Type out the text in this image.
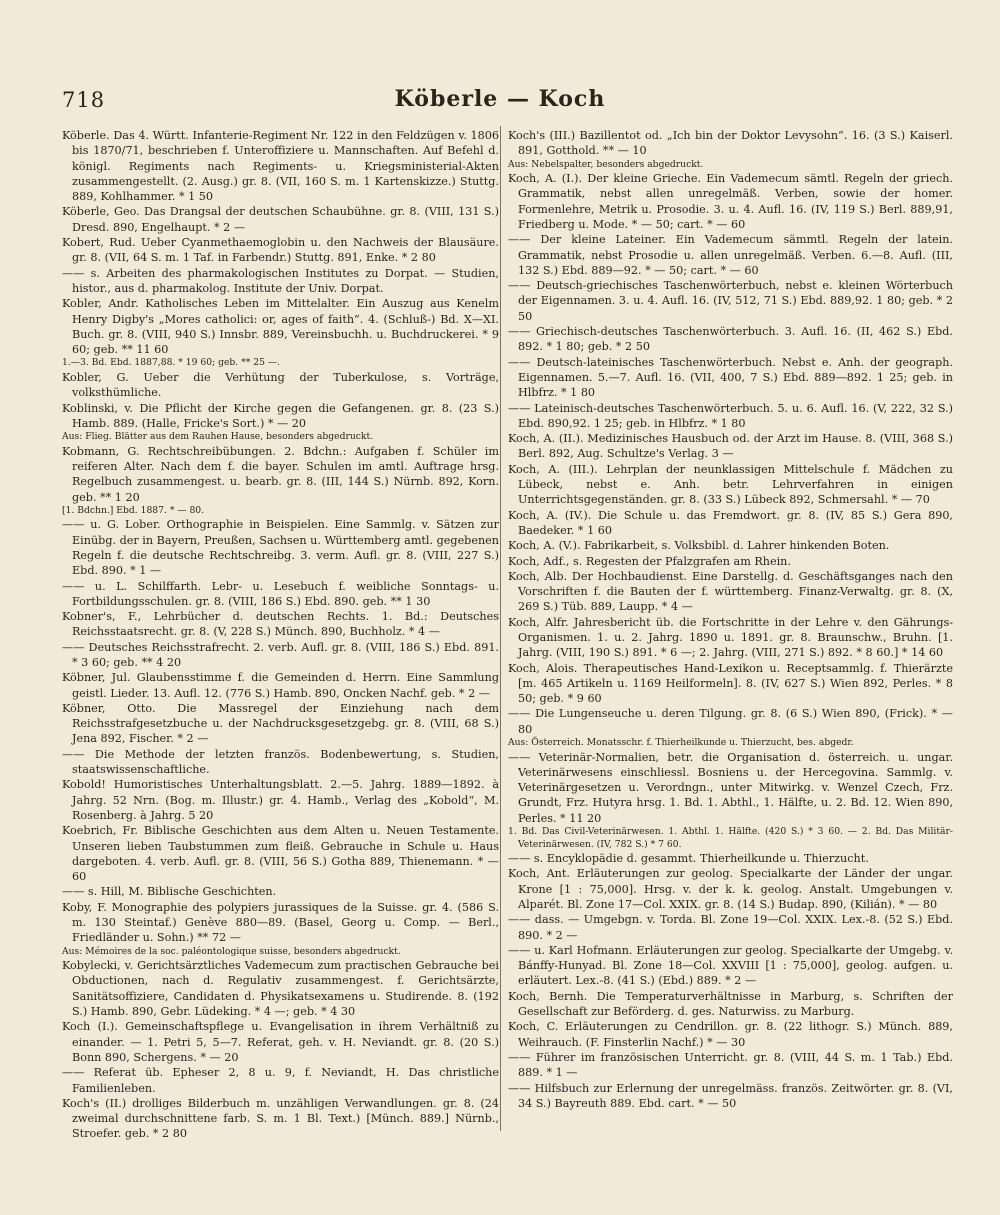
718	Köberle — Koch

Köberle. Das 4. Württ. Infanterie-Regiment Nr. 122 in den Feldzügen v. 1806 bis 1870/71, beschrieben f. Unteroffiziere u. Mannschaften. Auf Befehl d. königl. Regiments nach Regiments- u. Kriegsministerial-Akten zusammengestellt. (2. Ausg.) gr. 8. (VII, 160 S. m. 1 Kartenskizze.) Stuttg. 889, Kohlhammer. * 1 50

Köberle, Geo. Das Drangsal der deutschen Schaubühne. gr. 8. (VIII, 131 S.) Dresd. 890, Engelhaupt. * 2 —

Kobert, Rud. Ueber Cyanmethaemoglobin u. den Nachweis der Blausäure. gr. 8. (VII, 64 S. m. 1 Taf. in Farbendr.) Stuttg. 891, Enke. * 2 80

—— s. Arbeiten des pharmakologischen Institutes zu Dorpat. — Studien, histor., aus d. pharmakolog. Institute der Univ. Dorpat.

Kobler, Andr. Katholisches Leben im Mittelalter. Ein Auszug aus Kenelm Henry Digby's „Mores catholici: or, ages of faith“. 4. (Schluß-) Bd. X—XI. Buch. gr. 8. (VIII, 940 S.) Innsbr. 889, Vereinsbuchh. u. Buchdruckerei. * 9 60; geb. ** 11 60

1.—3. Bd. Ebd. 1887,88. * 19 60; geb. ** 25 —.

Kobler, G. Ueber die Verhütung der Tuberkulose, s. Vorträge, volksthümliche.

Koblinski, v. Die Pflicht der Kirche gegen die Gefangenen. gr. 8. (23 S.) Hamb. 889. (Halle, Fricke's Sort.) * — 20

Aus: Flieg. Blätter aus dem Rauhen Hause, besonders abgedruckt.

Kobmann, G. Rechtschreibübungen. 2. Bdchn.: Aufgaben f. Schüler im reiferen Alter. Nach dem f. die bayer. Schulen im amtl. Auftrage hrsg. Regelbuch zusammengest. u. bearb. gr. 8. (III, 144 S.) Nürnb. 892, Korn. geb. ** 1 20

[1. Bdchn.] Ebd. 1887. * — 80.

—— u. G. Lober. Orthographie in Beispielen. Eine Sammlg. v. Sätzen zur Einübg. der in Bayern, Preußen, Sachsen u. Württemberg amtl. gegebenen Regeln f. die deutsche Rechtschreibg. 3. verm. Aufl. gr. 8. (VIII, 227 S.) Ebd. 890. * 1 —

—— u. L. Schilffarth. Lebr- u. Lesebuch f. weibliche Sonntags- u. Fortbildungsschulen. gr. 8. (VIII, 186 S.) Ebd. 890. geb. ** 1 30

Kobner's, F., Lehrbücher d. deutschen Rechts. 1. Bd.: Deutsches Reichsstaatsrecht. gr. 8. (V, 228 S.) Münch. 890, Buchholz. * 4 —

—— Deutsches Reichsstrafrecht. 2. verb. Aufl. gr. 8. (VIII, 186 S.) Ebd. 891. * 3 60; geb. ** 4 20

Köbner, Jul. Glaubensstimme f. die Gemeinden d. Herrn. Eine Sammlung geistl. Lieder. 13. Aufl. 12. (776 S.) Hamb. 890, Oncken Nachf. geb. * 2 —

Köbner, Otto. Die Massregel der Einziehung nach dem Reichsstrafgesetzbuche u. der Nachdrucksgesetzgebg. gr. 8. (VIII, 68 S.) Jena 892, Fischer. * 2 —

—— Die Methode der letzten französ. Bodenbewertung, s. Studien, staatswissenschaftliche.

Kobold! Humoristisches Unterhaltungsblatt. 2.—5. Jahrg. 1889—1892. à Jahrg. 52 Nrn. (Bog. m. Illustr.) gr. 4. Hamb., Verlag des „Kobold“, M. Rosenberg. à Jahrg. 5 20

Koebrich, Fr. Biblische Geschichten aus dem Alten u. Neuen Testamente. Unseren lieben Taubstummen zum fleiß. Gebrauche in Schule u. Haus dargeboten. 4. verb. Aufl. gr. 8. (VIII, 56 S.) Gotha 889, Thienemann. * — 60

—— s. Hill, M. Biblische Geschichten.

Koby, F. Monographie des polypiers jurassiques de la Suisse. gr. 4. (586 S. m. 130 Steintaf.) Genève 880—89. (Basel, Georg u. Comp. — Berl., Friedländer u. Sohn.) ** 72 —

Aus: Mémoires de la soc. paléontologique suisse, besonders abgedruckt.

Kobylecki, v. Gerichtsärztliches Vademecum zum practischen Gebrauche bei Obductionen, nach d. Regulativ zusammengest. f. Gerichtsärzte, Sanitätsoffiziere, Candidaten d. Physikatsexamens u. Studirende. 8. (192 S.) Hamb. 890, Gebr. Lüdeking. * 4 —; geb. * 4 30

Koch (I.). Gemeinschaftspflege u. Evangelisation in ihrem Verhältniß zu einander. — 1. Petri 5, 5—7. Referat, geh. v. H. Neviandt. gr. 8. (20 S.) Bonn 890, Schergens. * — 20

—— Referat üb. Epheser 2, 8 u. 9, f. Neviandt, H. Das christliche Familienleben.

Koch's (II.) drolliges Bilderbuch m. unzähligen Verwandlungen. gr. 8. (24 zweimal durchschnittene farb. S. m. 1 Bl. Text.) [Münch. 889.] Nürnb., Stroefer. geb. * 2 80

Koch's (III.) Bazillentot od. „Ich bin der Doktor Levysohn“. 16. (3 S.) Kaiserl. 891, Gotthold. ** — 10

Aus: Nebelspalter, besonders abgedruckt.

Koch, A. (I.). Der kleine Grieche. Ein Vademecum sämtl. Regeln der griech. Grammatik, nebst allen unregelmäß. Verben, sowie der homer. Formenlehre, Metrik u. Prosodie. 3. u. 4. Aufl. 16. (IV, 119 S.) Berl. 889,91, Friedberg u. Mode. * — 50; cart. * — 60

—— Der kleine Lateiner. Ein Vademecum sämmtl. Regeln der latein. Grammatik, nebst Prosodie u. allen unregelmäß. Verben. 6.—8. Aufl. (III, 132 S.) Ebd. 889—92. * — 50; cart. * — 60

—— Deutsch-griechisches Taschenwörterbuch, nebst e. kleinen Wörterbuch der Eigennamen. 3. u. 4. Aufl. 16. (IV, 512, 71 S.) Ebd. 889,92. 1 80; geb. * 2 50

—— Griechisch-deutsches Taschenwörterbuch. 3. Aufl. 16. (II, 462 S.) Ebd. 892. * 1 80; geb. * 2 50

—— Deutsch-lateinisches Taschenwörterbuch. Nebst e. Anh. der geograph. Eigennamen. 5.—7. Aufl. 16. (VII, 400, 7 S.) Ebd. 889—892. 1 25; geb. in Hlbfrz. * 1 80

—— Lateinisch-deutsches Taschenwörterbuch. 5. u. 6. Aufl. 16. (V, 222, 32 S.) Ebd. 890,92. 1 25; geb. in Hlbfrz. * 1 80

Koch, A. (II.). Medizinisches Hausbuch od. der Arzt im Hause. 8. (VIII, 368 S.) Berl. 892, Aug. Schultze's Verlag. 3 —

Koch, A. (III.). Lehrplan der neunklassigen Mittelschule f. Mädchen zu Lübeck, nebst e. Anh. betr. Lehrverfahren in einigen Unterrichtsgegenständen. gr. 8. (33 S.) Lübeck 892, Schmersahl. * — 70

Koch, A. (IV.). Die Schule u. das Fremdwort. gr. 8. (IV, 85 S.) Gera 890, Baedeker. * 1 60

Koch, A. (V.). Fabrikarbeit, s. Volksbibl. d. Lahrer hinkenden Boten.

Koch, Adf., s. Regesten der Pfalzgrafen am Rhein.

Koch, Alb. Der Hochbaudienst. Eine Darstellg. d. Geschäftsganges nach den Vorschriften f. die Bauten der f. württemberg. Finanz-Verwaltg. gr. 8. (X, 269 S.) Tüb. 889, Laupp. * 4 —

Koch, Alfr. Jahresbericht üb. die Fortschritte in der Lehre v. den Gährungs-Organismen. 1. u. 2. Jahrg. 1890 u. 1891. gr. 8. Braunschw., Bruhn. [1. Jahrg. (VIII, 190 S.) 891. * 6 —; 2. Jahrg. (VIII, 271 S.) 892. * 8 60.] * 14 60

Koch, Alois. Therapeutisches Hand-Lexikon u. Receptsammlg. f. Thierärzte [m. 465 Artikeln u. 1169 Heilformeln]. 8. (IV, 627 S.) Wien 892, Perles. * 8 50; geb. * 9 60

—— Die Lungenseuche u. deren Tilgung. gr. 8. (6 S.) Wien 890, (Frick). * — 80

Aus: Österreich. Monatsschr. f. Thierheilkunde u. Thierzucht, bes. abgedr.

—— Veterinär-Normalien, betr. die Organisation d. österreich. u. ungar. Veterinärwesens einschliessl. Bosniens u. der Hercegovina. Sammlg. v. Veterinärgesetzen u. Verordngn., unter Mitwirkg. v. Wenzel Czech, Frz. Grundt, Frz. Hutyra hrsg. 1. Bd. 1. Abthl., 1. Hälfte, u. 2. Bd. 12. Wien 890, Perles. * 11 20

1. Bd. Das Civil-Veterinärwesen. 1. Abthl. 1. Hälfte. (420 S.) * 3 60. — 2. Bd. Das Militär-Veterinärwesen. (IV, 782 S.) * 7 60.

—— s. Encyklopädie d. gesammt. Thierheilkunde u. Thierzucht.

Koch, Ant. Erläuterungen zur geolog. Specialkarte der Länder der ungar. Krone [1 : 75,000]. Hrsg. v. der k. k. geolog. Anstalt. Umgebungen v. Alparét. Bl. Zone 17—Col. XXIX. gr. 8. (14 S.) Budap. 890, (Kilián). * — 80

—— dass. — Umgebgn. v. Torda. Bl. Zone 19—Col. XXIX. Lex.-8. (52 S.) Ebd. 890. * 2 —

—— u. Karl Hofmann. Erläuterungen zur geolog. Specialkarte der Umgebg. v. Bánffy-Hunyad. Bl. Zone 18—Col. XXVIII [1 : 75,000], geolog. aufgen. u. erläutert. Lex.-8. (41 S.) (Ebd.) 889. * 2 —

Koch, Bernh. Die Temperaturverhältnisse in Marburg, s. Schriften der Gesellschaft zur Beförderg. d. ges. Naturwiss. zu Marburg.

Koch, C. Erläuterungen zu Cendrillon. gr. 8. (22 lithogr. S.) Münch. 889, Weihrauch. (F. Finsterlin Nachf.) * — 30

—— Führer im französischen Unterricht. gr. 8. (VIII, 44 S. m. 1 Tab.) Ebd. 889. * 1 —

—— Hilfsbuch zur Erlernung der unregelmäss. französ. Zeitwörter. gr. 8. (VI, 34 S.) Bayreuth 889. Ebd. cart. * — 50
